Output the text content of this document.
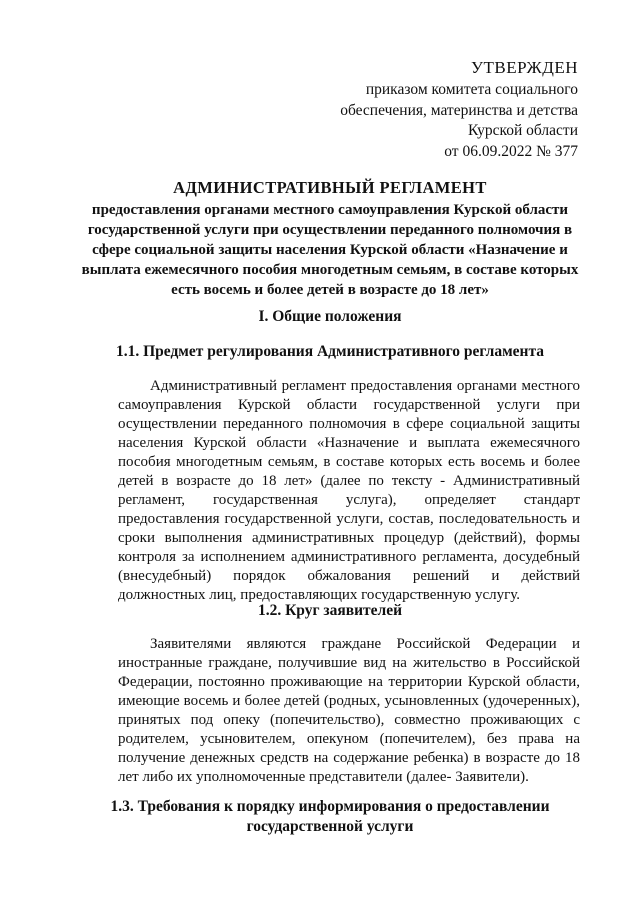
УТВЕРЖДЕН
приказом комитета социального
обеспечения, материнства и детства
Курской области
от 06.09.2022 № 377
АДМИНИСТРАТИВНЫЙ РЕГЛАМЕНТ
предоставления органами местного самоуправления Курской области государственной услуги при осуществлении переданного полномочия в сфере социальной защиты населения Курской области «Назначение и выплата ежемесячного пособия многодетным семьям, в составе которых есть восемь и более детей в возрасте до 18 лет»
I. Общие положения
1.1. Предмет регулирования Административного регламента
Административный регламент предоставления органами местного самоуправления Курской области государственной услуги при осуществлении переданного полномочия в сфере социальной защиты населения Курской области «Назначение и выплата ежемесячного пособия многодетным семьям, в составе которых есть восемь и более детей в возрасте до 18 лет» (далее по тексту - Административный регламент, государственная услуга), определяет стандарт предоставления государственной услуги, состав, последовательность и сроки выполнения административных процедур (действий), формы контроля за исполнением административного регламента, досудебный (внесудебный) порядок обжалования решений и действий должностных лиц, предоставляющих государственную услугу.
1.2. Круг заявителей
Заявителями являются граждане Российской Федерации и иностранные граждане, получившие вид на жительство в Российской Федерации, постоянно проживающие на территории Курской области, имеющие восемь и более детей (родных, усыновленных (удочеренных), принятых под опеку (попечительство), совместно проживающих с родителем, усыновителем, опекуном (попечителем), без права на получение денежных средств на содержание ребенка) в возрасте до 18 лет либо их уполномоченные представители (далее- Заявители).
1.3. Требования к порядку информирования о предоставлении
государственной услуги
